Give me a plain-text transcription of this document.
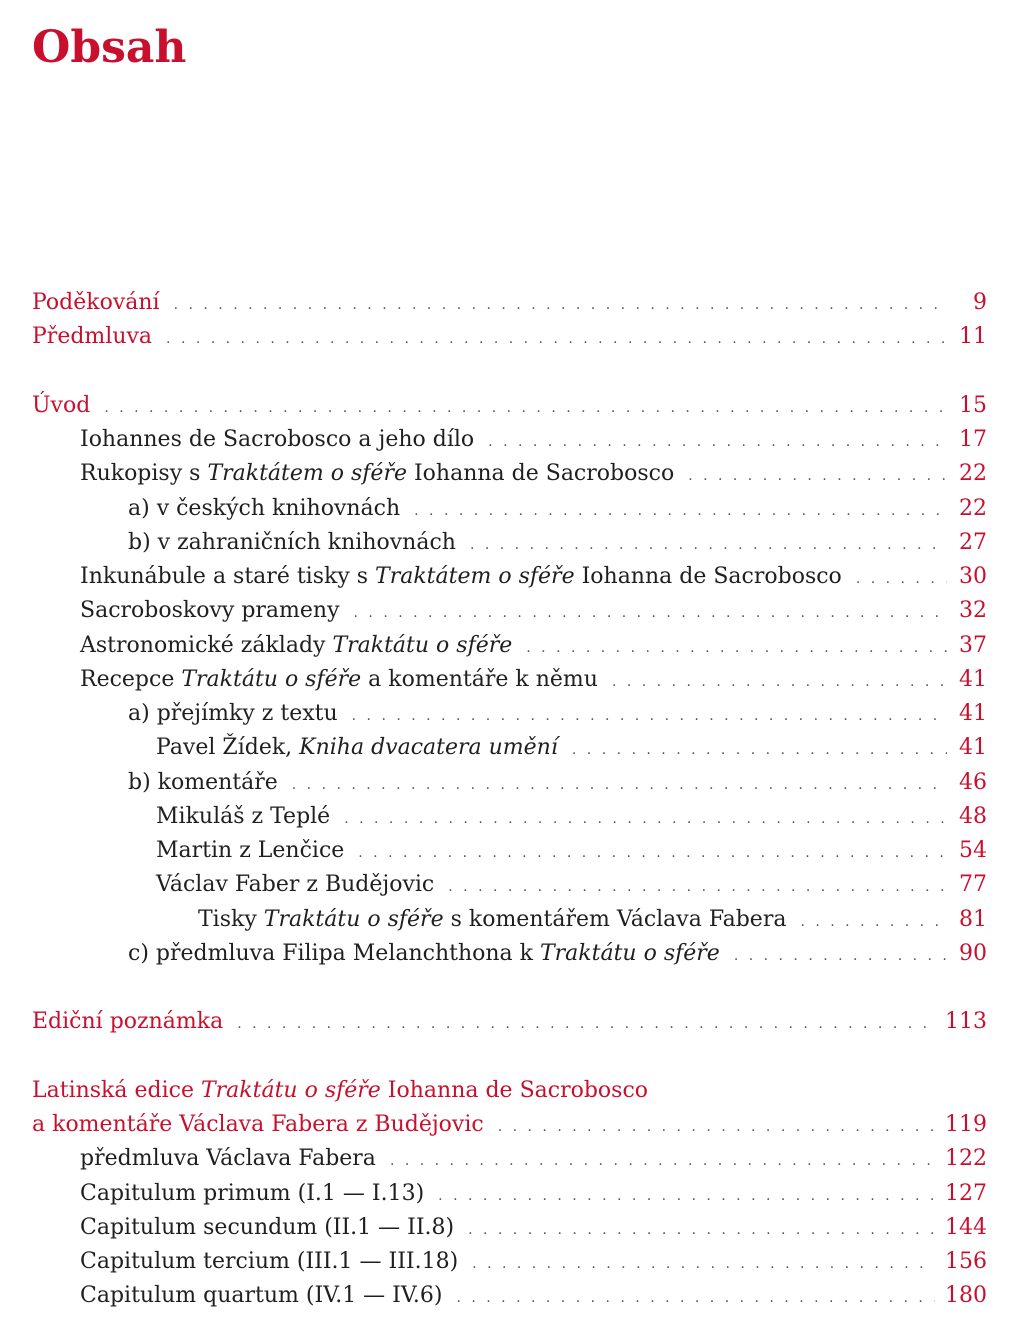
Obsah
Poděkování . . .	9
Předmluva . . .	11
Úvod . . .	15
Iohannes de Sacrobosco a jeho dílo . . .	17
Rukopisy s Traktátem o sféře Iohanna de Sacrobosco . . .	22
a) v českých knihovnách . . .	22
b) v zahraničních knihovnách . . .	27
Inkunábule a staré tisky s Traktátem o sféře Iohanna de Sacrobosco . . .	30
Sacroboskovy prameny . . .	32
Astronomické základy Traktátu o sféře . . .	37
Recepce Traktátu o sféře a komentáře k němu . . .	41
a) přejímky z textu . . .	41
Pavel Žídek, Kniha dvacatera umění . . .	41
b) komentáře . . .	46
Mikuláš z Teplé . . .	48
Martin z Lenčice . . .	54
Václav Faber z Budějovic . . .	77
Tisky Traktátu o sféře s komentářem Václava Fabera . . .	81
c) předmluva Filipa Melanchthona k Traktátu o sféře . . .	90
Ediční poznámka . . .	113
Latinská edice Traktátu o sféře Iohanna de Sacrobosco
a komentáře Václava Fabera z Budějovic . . .	119
předmluva Václava Fabera . . .	122
Capitulum primum (I.1 — I.13) . . .	127
Capitulum secundum (II.1 — II.8) . . .	144
Capitulum tercium (III.1 — III.18) . . .	156
Capitulum quartum (IV.1 — IV.6) . . .	180
